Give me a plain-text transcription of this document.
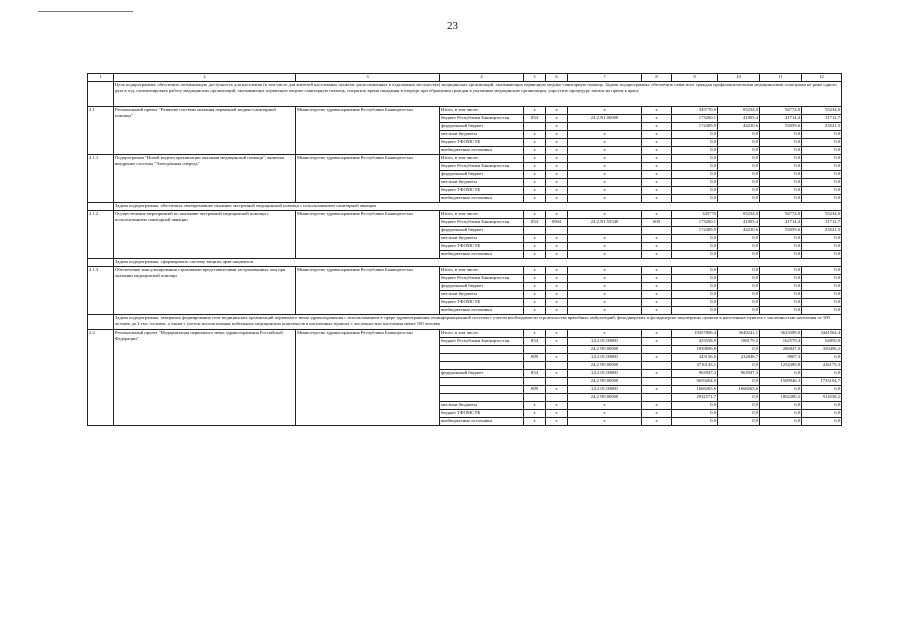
23
1	2	3	4	5	6	7	8	9	10	11	12
	Цель подпрограммы: обеспечить оптимальную доступность для населения (в том числе для жителей населенных пунктов, расположенных в отдаленных местностях) медицинских организаций, оказывающих первичную медико-санитарную помощь. Задачи подпрограммы: обеспечить охват всех граждан профилактическими медицинскими осмотрами не реже одного раза в год, оптимизировать работу медицинских организаций, оказывающих первичную медико-санитарную помощь, сократить время ожидания в очереди при обращении граждан в указанные медицинские организации, упростить процедуру записи на прием к врачу										
2.1	Региональный проект "Развитие системы оказания первичной медико-санитарной помощи"	Министерство здравоохранения Республики Башкортостан	Итого, в том числе:	х	х	х	х	345770,0	85234,0	94774,0	55234,0
			бюджет Республики Башкортостан	854	х	24.2.N1.00000	х	173260,1	41003,4	41714,4	31712,7
			федеральный бюджет		х		х	172409,9	44230,6	53059,6	23521,3
			местные бюджеты	х	х	х	х	0,0	0,0	0,0	0,0
			бюджет ТФОМС РБ	х	х	х	х	0,0	0,0	0,0	0,0
			внебюджетные источники	х	х	х	х	0,0	0,0	0,0	0,0
2.1.1	Подпрограмма "Новой модели организации оказания медицинской помощи", включая внедрение системы "Электронная очередь"	Министерство здравоохранения Республики Башкортостан	Итого, в том числе:	х	х	х	х	0,0	0,0	0,0	0,0
			бюджет Республики Башкортостан	х	х	х	х	0,0	0,0	0,0	0,0
			федеральный бюджет	х	х	х	х	0,0	0,0	0,0	0,0
			местные бюджеты	х	х	х	х	0,0	0,0	0,0	0,0
			бюджет ТФОМС РБ	х	х	х	х	0,0	0,0	0,0	0,0
			внебюджетные источники	х	х	х	х	0,0	0,0	0,0	0,0
	Задача подпрограммы: обеспечить своевременное оказание экстренной медицинской помощи с использованием санитарной авиации										
2.1.2	Осуществление мероприятий по оказанию экстренной медицинской помощи с использованием санитарной авиации	Министерство здравоохранения Республики Башкортостан	Итого, в том числе:	х	х	х	х	345770	85234,0	94774,0	55234,0
			бюджет Республики Башкортостан	854	0904	24.2.N1.55540	600	173260,1	41003,4	41714,4	31712,7
			федеральный бюджет					172409,9	44230,6	53059,6	23521,3
			местные бюджеты	х	х	х	х	0,0	0,0	0,0	0,0
			бюджет ТФОМС РБ	х	х	х	х	0,0	0,0	0,0	0,0
			внебюджетные источники	х	х	х	х	0,0	0,0	0,0	0,0
	Задача подпрограммы: сформировать систему защиты прав пациентов										
2.1.3	Обеспечение консультирования страховыми представителями застрахованных лиц при оказании медицинской помощи	Министерство здравоохранения Республики Башкортостан	Итого, в том числе:	х	х	х	х	0,0	0,0	0,0	0,0
			бюджет Республики Башкортостан	х	х	х	х	0,0	0,0	0,0	0,0
			федеральный бюджет	х	х	х	х	0,0	0,0	0,0	0,0
			местные бюджеты	х	х	х	х	0,0	0,0	0,0	0,0
			бюджет ТФОМС РБ	х	х	х	х	0,0	0,0	0,0	0,0
			внебюджетные источники	х	х	х	х	0,0	0,0	0,0	0,0
	Задача подпрограммы: завершить формирование сети медицинских организаций первичного звена здравоохранения с использованием в сфере здравоохранения геоинформационной системы с учетом необходимости строительства врачебных амбулаторий, фельдшерских и фельдшерско-акушерских пунктов в населенных пунктах с численностью населения от 100 человек до 2 тыс. человек, а также с учетом использования мобильных медицинских комплексов в населенных пунктах с численностью населения менее 100 человек										
2.2	Региональный проект "Модернизация первичного звена здравоохранения Российской Федерации"	Министерство здравоохранения Республики Башкортостан	Итого, в том числе:	х	х	х	х	19457806,4	3049241,1	3623309,0	3441564,4
			бюджет Республики Башкортостан	854	х	24.2.01.00000	х	453558,9	188179,5	162579,4	64850,0
						24.2.N9.00000		1839899,8	0,0	286847,0	350496,2
				809	х	24.2.01.00000	х	343156,0	232848,7	9807,3	0,0
						24.2.N9.00000		3710143,1	0,0	1254389,8	416175,3
			федеральный бюджет	854	х	24.2.01.00000	х	963947,3	963947,3	0,0	0,0
						24.2.N9.00000		9659264,0	0,0	1509946,3	1735104,7
				809	х	24.2.01.00000	х	1668265,6	1668265,6	0,0	0,0
						24.2.N9.00000		2932571,7	0,0	1802280,2	914538,2
			местные бюджеты	х	х	х	х	0,0	0,0	0,0	0,0
			бюджет ТФОМС РБ	х	х	х	х	0,0	0,0	0,0	0,0
			внебюджетные источники	х	х	х	х	0,0	0,0	0,0	0,0
